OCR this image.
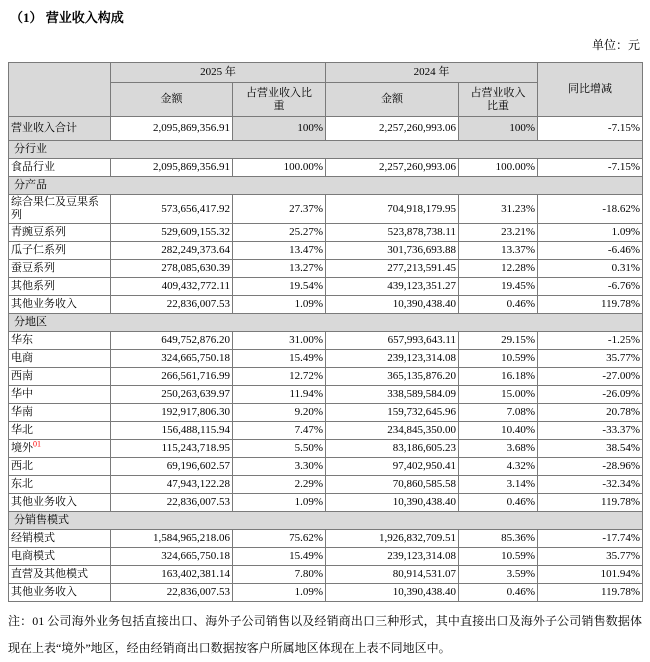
（1） 营业收入构成
单位：元
	2025 年		2024 年		同比增减
	金额	占营业收入比重	金额	占营业收入比重	
营业收入合计	2,095,869,356.91	100%	2,257,260,993.06	100%	-7.15%
分行业					
食品行业	2,095,869,356.91	100.00%	2,257,260,993.06	100.00%	-7.15%
分产品					
综合果仁及豆果系列	573,656,417.92	27.37%	704,918,179.95	31.23%	-18.62%
青豌豆系列	529,609,155.32	25.27%	523,878,738.11	23.21%	1.09%
瓜子仁系列	282,249,373.64	13.47%	301,736,693.88	13.37%	-6.46%
蚕豆系列	278,085,630.39	13.27%	277,213,591.45	12.28%	0.31%
其他系列	409,432,772.11	19.54%	439,123,351.27	19.45%	-6.76%
其他业务收入	22,836,007.53	1.09%	10,390,438.40	0.46%	119.78%
分地区					
华东	649,752,876.20	31.00%	657,993,643.11	29.15%	-1.25%
电商	324,665,750.18	15.49%	239,123,314.08	10.59%	35.77%
西南	266,561,716.99	12.72%	365,135,876.20	16.18%	-27.00%
华中	250,263,639.97	11.94%	338,589,584.09	15.00%	-26.09%
华南	192,917,806.30	9.20%	159,732,645.96	7.08%	20.78%
华北	156,488,115.94	7.47%	234,845,350.00	10.40%	-33.37%
境外$^{01}$	115,243,718.95	5.50%	83,186,605.23	3.68%	38.54%
西北	69,196,602.57	3.30%	97,402,950.41	4.32%	-28.96%
东北	47,943,122.28	2.29%	70,860,585.58	3.14%	-32.34%
其他业务收入	22,836,007.53	1.09%	10,390,438.40	0.46%	119.78%
分销售模式					
经销模式	1,584,965,218.06	75.62%	1,926,832,709.51	85.36%	-17.74%
电商模式	324,665,750.18	15.49%	239,123,314.08	10.59%	35.77%
直营及其他模式	163,402,381.14	7.80%	80,914,531.07	3.59%	101.94%
其他业务收入	22,836,007.53	1.09%	10,390,438.40	0.46%	119.78%
注：01 公司海外业务包括直接出口、海外子公司销售以及经销商出口三种形式，其中直接出口及海外子公司销售数据体现在上表“境外”地区，经由经销商出口数据按客户所属地区体现在上表不同地区中。
